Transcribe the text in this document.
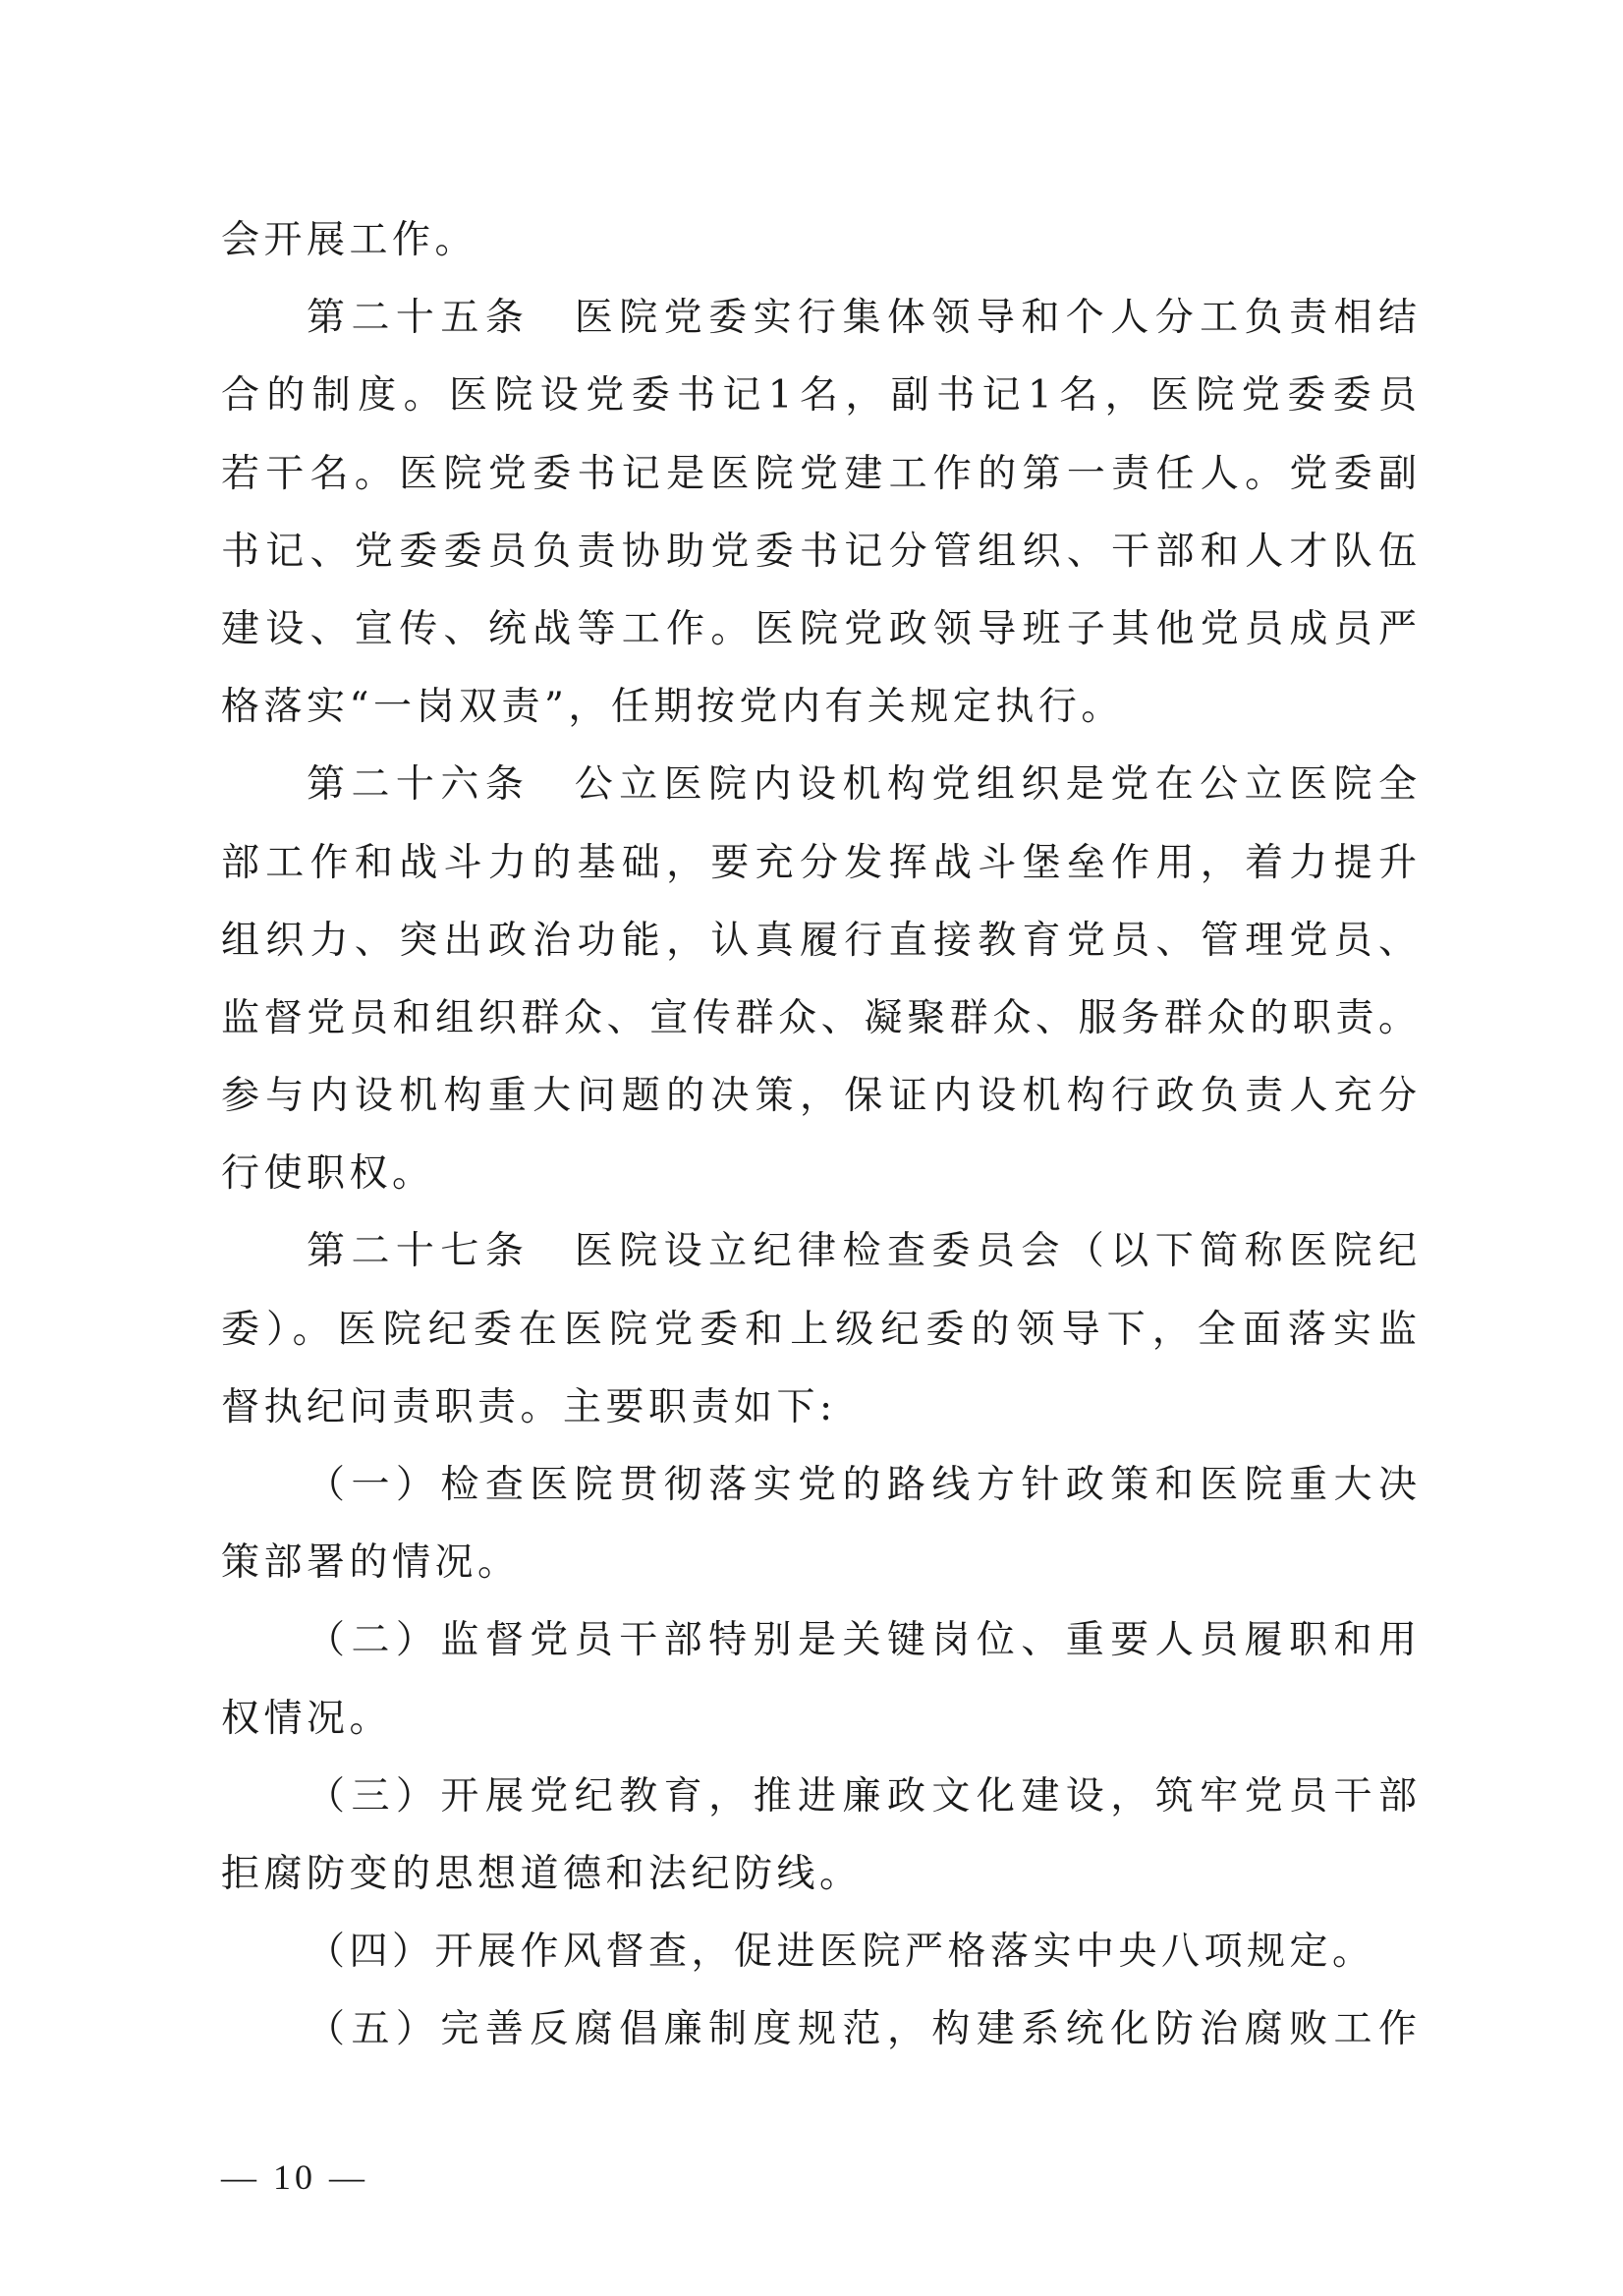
会开展工作。
第二十五条　医院党委实行集体领导和个人分工负责相结
合的制度。医院设党委书记1名，副书记1名，医院党委委员
若干名。医院党委书记是医院党建工作的第一责任人。党委副
书记、党委委员负责协助党委书记分管组织、干部和人才队伍
建设、宣传、统战等工作。医院党政领导班子其他党员成员严
格落实“一岗双责”，任期按党内有关规定执行。
第二十六条　公立医院内设机构党组织是党在公立医院全
部工作和战斗力的基础，要充分发挥战斗堡垒作用，着力提升
组织力、突出政治功能，认真履行直接教育党员、管理党员、
监督党员和组织群众、宣传群众、凝聚群众、服务群众的职责。
参与内设机构重大问题的决策，保证内设机构行政负责人充分
行使职权。
第二十七条　医院设立纪律检查委员会（以下简称医院纪
委）。医院纪委在医院党委和上级纪委的领导下，全面落实监
督执纪问责职责。主要职责如下:
（一）检查医院贯彻落实党的路线方针政策和医院重大决
策部署的情况。
（二）监督党员干部特别是关键岗位、重要人员履职和用
权情况。
（三）开展党纪教育，推进廉政文化建设，筑牢党员干部
拒腐防变的思想道德和法纪防线。
（四）开展作风督查，促进医院严格落实中央八项规定。
（五）完善反腐倡廉制度规范，构建系统化防治腐败工作
— 10 —
